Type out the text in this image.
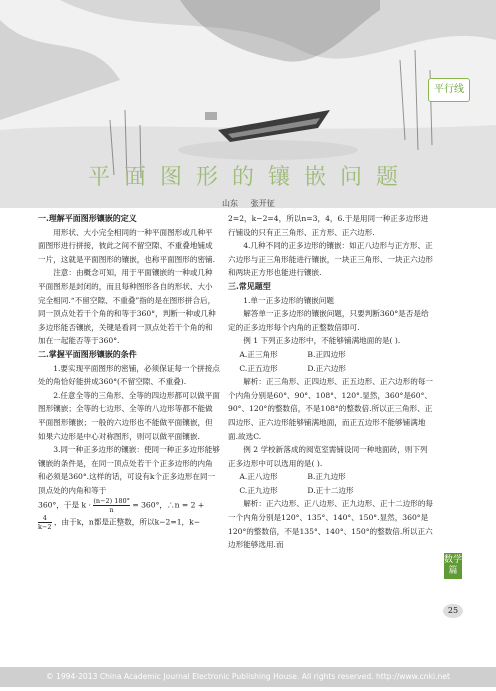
平行线
平面图形的镶嵌问题
山东 张开征
一.理解平面图形镶嵌的定义

用形状、大小完全相同的一种平面图形或几种平面图形进行拼接，彼此之间不留空隙、不重叠地铺成一片，这就是平面图形的镶嵌，也称平面图形的密铺.

注意：由概念可知，用于平面镶嵌的一种或几种平面图形是封闭的，而且每种图形各自的形状、大小完全相同.“不留空隙、不重叠”指的是在图形拼合后，同一顶点处若干个角的和等于360°，判断一种或几种多边形能否镶嵌，关键是看同一顶点处若干个角的和加在一起能否等于360°.

二.掌握平面图形镶嵌的条件

1.要实现平面图形的密铺，必须保证每一个拼接点处的角恰好能拼成360°(不留空隙、不重叠).

2.任意全等的三角形、全等的四边形都可以做平面图形镶嵌；全等的七边形、全等的八边形等都不能做平面图形镶嵌；一般的六边形也不能做平面镶嵌，但如果六边形是中心对称图形，则可以做平面镶嵌.

3.同一种正多边形的镶嵌：使同一种正多边形能够镶嵌的条件是，在同一顶点处若干个正多边形的内角和必须是360°.这样的话，可设有k个正多边形在同一顶点处的内角和等于

360°，于是 $k \cdot \frac{(n-2) 180^\circ}{n} = 360^\circ$，∴n = 2 +
$\frac{4}{k-2}$ ，由于k，n都是正整数，所以k−2=1，k−
2=2，k−2=4，所以n=3，4，6.于是用同一种正多边形进行铺设的只有正三角形、正方形、正六边形.

4.几种不同的正多边形的镶嵌：如正八边形与正方形、正六边形与正三角形能进行镶嵌，一块正三角形、一块正六边形和两块正方形也能进行镶嵌.

三.常见题型

1.单一正多边形的镶嵌问题

解答单一正多边形的镶嵌问题，只要判断360°是否是给定的正多边形每个内角的正整数倍即可.

例 1 下列正多边形中，不能够铺满地面的是( ).

A.正三角形	B.正四边形
C.正五边形	D.正六边形

解析：正三角形、正四边形、正五边形、正六边形的每一个内角分别是60°、90°、108°、120°.显然，360°是60°、90°、120°的整数倍，不是108°的整数倍.所以正三角形、正四边形、正六边形能够铺满地面，而正五边形不能够铺满地面.故选C.

例 2 学校新落成的阅览室需铺设同一种地面砖，则下列正多边形中可以选用的是( ).

A.正八边形	B.正九边形
C.正九边形	D.正十二边形

解析：正六边形、正八边形、正九边形、正十二边形的每一个内角分别是120°、135°、140°、150°.显然，360°是120°的整数倍，不是135°、140°、150°的整数倍.所以正六边形能够选用.而

数学篇
25
© 1994-2013 China Academic Journal Electronic Publishing House. All rights reserved. http://www.cnki.net
